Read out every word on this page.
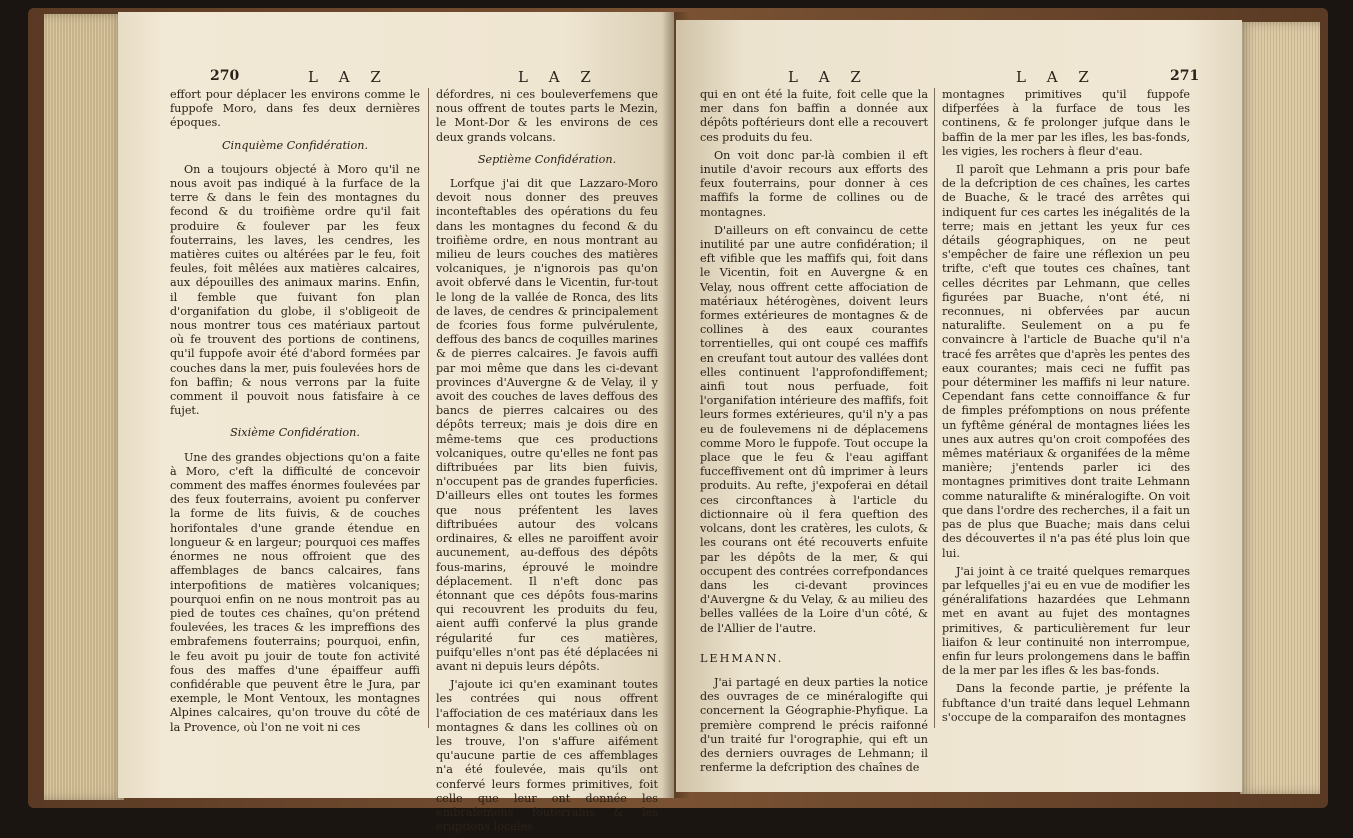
270	L A Z	L A Z

effort pour déplacer les environs comme le fuppofe Moro, dans fes deux dernières époques.

Cinquième Confidération.

On a toujours objecté à Moro qu'il ne nous avoit pas indiqué à la furface de la terre & dans le fein des montagnes du fecond & du troifième ordre qu'il fait produire & foulever par les feux fouterrains, les laves, les cendres, les matières cuites ou altérées par le feu, foit feules, foit mêlées aux matières calcaires, aux dépouilles des animaux marins. Enfin, il femble que fuivant fon plan d'organifation du globe, il s'obligeoit de nous montrer tous ces matériaux partout où fe trouvent des portions de continens, qu'il fuppofe avoir été d'abord formées par couches dans la mer, puis foulevées hors de fon baffin; & nous verrons par la fuite comment il pouvoit nous fatisfaire à ce fujet.

Sixième Confidération.

Une des grandes objections qu'on a faite à Moro, c'eft la difficulté de concevoir comment des maffes énormes foulevées par des feux fouterrains, avoient pu conferver la forme de lits fuivis, & de couches horifontales d'une grande étendue en longueur & en largeur; pourquoi ces maffes énormes ne nous offroient que des affemblages de bancs calcaires, fans interpofitions de matières volcaniques; pourquoi enfin on ne nous montroit pas au pied de toutes ces chaînes, qu'on prétend foulevées, les traces & les impreffions des embrafemens fouterrains; pourquoi, enfin, le feu avoit pu jouir de toute fon activité fous des maffes d'une épaiffeur auffi confidérable que peuvent être le Jura, par exemple, le Mont Ventoux, les montagnes Alpines calcaires, qu'on trouve du côté de la Provence, où l'on ne voit ni ces

défordres, ni ces bouleverfemens que nous offrent de toutes parts le Mezin, le Mont-Dor & les environs de ces deux grands volcans.

Septième Confidération.

Lorfque j'ai dit que Lazzaro-Moro devoit nous donner des preuves inconteftables des opérations du feu dans les montagnes du fecond & du troifième ordre, en nous montrant au milieu de leurs couches des matières volcaniques, je n'ignorois pas qu'on avoit obfervé dans le Vicentin, fur-tout le long de la vallée de Ronca, des lits de laves, de cendres & principalement de fcories fous forme pulvérulente, deffous des bancs de coquilles marines & de pierres calcaires. Je favois auffi par moi même que dans les ci-devant provinces d'Auvergne & de Velay, il y avoit des couches de laves deffous des bancs de pierres calcaires ou des dépôts terreux; mais je dois dire en même-tems que ces productions volcaniques, outre qu'elles ne font pas diftribuées par lits bien fuivis, n'occupent pas de grandes fuperficies. D'ailleurs elles ont toutes les formes que nous préfentent les laves diftribuées autour des volcans ordinaires, & elles ne paroiffent avoir aucunement, au-deffous des dépôts fous-marins, éprouvé le moindre déplacement. Il n'eft donc pas étonnant que ces dépôts fous-marins qui recouvrent les produits du feu, aient auffi confervé la plus grande régularité fur ces matières, puifqu'elles n'ont pas été déplacées ni avant ni depuis leurs dépôts.

J'ajoute ici qu'en examinant toutes les contrées qui nous offrent l'affociation de ces matériaux dans les montagnes & dans les collines où on les trouve, l'on s'affure aifément qu'aucune partie de ces affemblages n'a été foulevée, mais qu'ils ont confervé leurs formes primitives, foit celle que leur ont donnée les embrafemens fouterrains & les éruptions locales

L A Z	L A Z	271

qui en ont été la fuite, foit celle que la mer dans fon baffin a donnée aux dépôts poftérieurs dont elle a recouvert ces produits du feu.

On voit donc par-là combien il eft inutile d'avoir recours aux efforts des feux fouterrains, pour donner à ces maffifs la forme de collines ou de montagnes.

D'ailleurs on eft convaincu de cette inutilité par une autre confidération; il eft vifible que les maffifs qui, foit dans le Vicentin, foit en Auvergne & en Velay, nous offrent cette affociation de matériaux hétérogènes, doivent leurs formes extérieures de montagnes & de collines à des eaux courantes torrentielles, qui ont coupé ces maffifs en creufant tout autour des vallées dont elles continuent l'approfondiffement; ainfi tout nous perfuade, foit l'organifation intérieure des maffifs, foit leurs formes extérieures, qu'il n'y a pas eu de foulevemens ni de déplacemens comme Moro le fuppofe. Tout occupe la place que le feu & l'eau agiffant fucceffivement ont dû imprimer à leurs produits. Au refte, j'expoferai en détail ces circonftances à l'article du dictionnaire où il fera queftion des volcans, dont les cratères, les culots, & les courans ont été recouverts enfuite par les dépôts de la mer, & qui occupent des contrées correfpondances dans les ci-devant provinces d'Auvergne & du Velay, & au milieu des belles vallées de la Loire d'un côté, & de l'Allier de l'autre.

LEHMANN.

J'ai partagé en deux parties la notice des ouvrages de ce minéralogifte qui concernent la Géographie-Phyfique. La première comprend le précis raifonné d'un traité fur l'orographie, qui eft un des derniers ouvrages de Lehmann; il renferme la defcription des chaînes de

montagnes primitives qu'il fuppofe difperfées à la furface de tous les continens, & fe prolonger jufque dans le baffin de la mer par les ifles, les bas-fonds, les vigies, les rochers à fleur d'eau.

Il paroît que Lehmann a pris pour bafe de la defcription de ces chaînes, les cartes de Buache, & le tracé des arrêtes qui indiquent fur ces cartes les inégalités de la terre; mais en jettant les yeux fur ces détails géographiques, on ne peut s'empêcher de faire une réflexion un peu trifte, c'eft que toutes ces chaînes, tant celles décrites par Lehmann, que celles figurées par Buache, n'ont été, ni reconnues, ni obfervées par aucun naturalifte. Seulement on a pu fe convaincre à l'article de Buache qu'il n'a tracé fes arrêtes que d'après les pentes des eaux courantes; mais ceci ne fuffit pas pour déterminer les maffifs ni leur nature. Cependant fans cette connoiffance & fur de fimples préfomptions on nous préfente un fyftême général de montagnes liées les unes aux autres qu'on croit compofées des mêmes matériaux & organifées de la même manière; j'entends parler ici des montagnes primitives dont traite Lehmann comme naturalifte & minéralogifte. On voit que dans l'ordre des recherches, il a fait un pas de plus que Buache; mais dans celui des découvertes il n'a pas été plus loin que lui.

J'ai joint à ce traité quelques remarques par lefquelles j'ai eu en vue de modifier les généralifations hazardées que Lehmann met en avant au fujet des montagnes primitives, & particulièrement fur leur liaifon & leur continuité non interrompue, enfin fur leurs prolongemens dans le baffin de la mer par les ifles & les bas-fonds.

Dans la feconde partie, je préfente la fubftance d'un traité dans lequel Lehmann s'occupe de la comparaifon des montagnes
